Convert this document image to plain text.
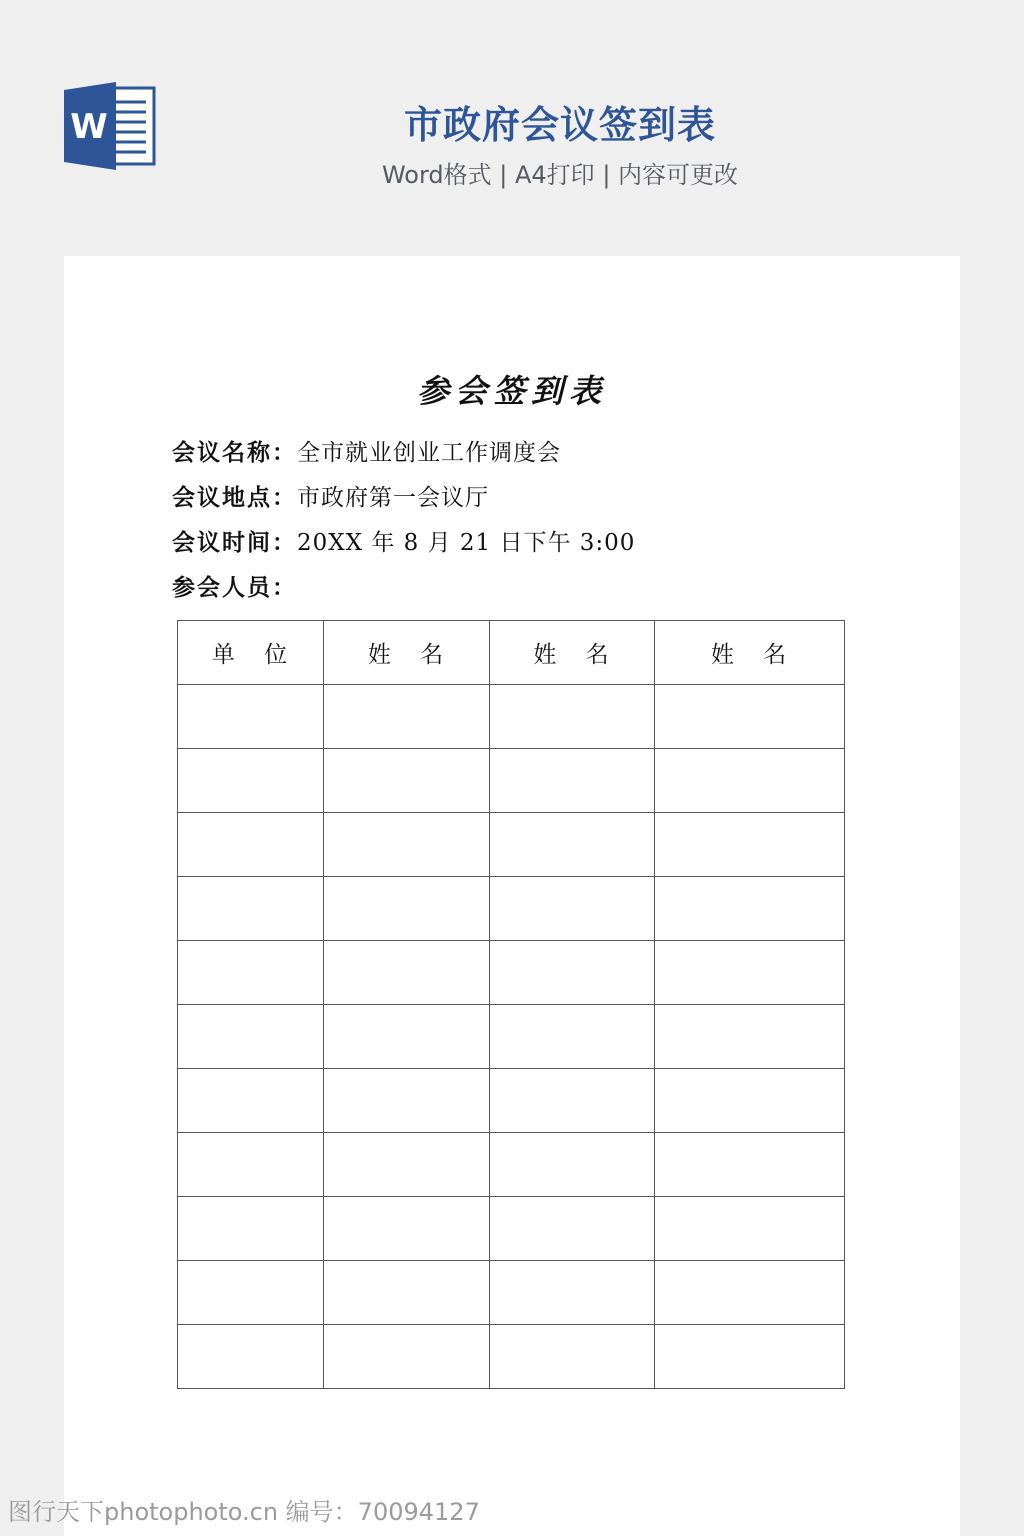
W	市政府会议签到表
Word格式 | A4打印 | 内容可更改
参会签到表
会议名称：全市就业创业工作调度会
会议地点：市政府第一会议厅
会议时间：20XX 年 8 月 21 日下午 3:00
参会人员：
单 位	姓 名	姓 名	姓 名

图行天下photophoto.cn 编号：70094127
